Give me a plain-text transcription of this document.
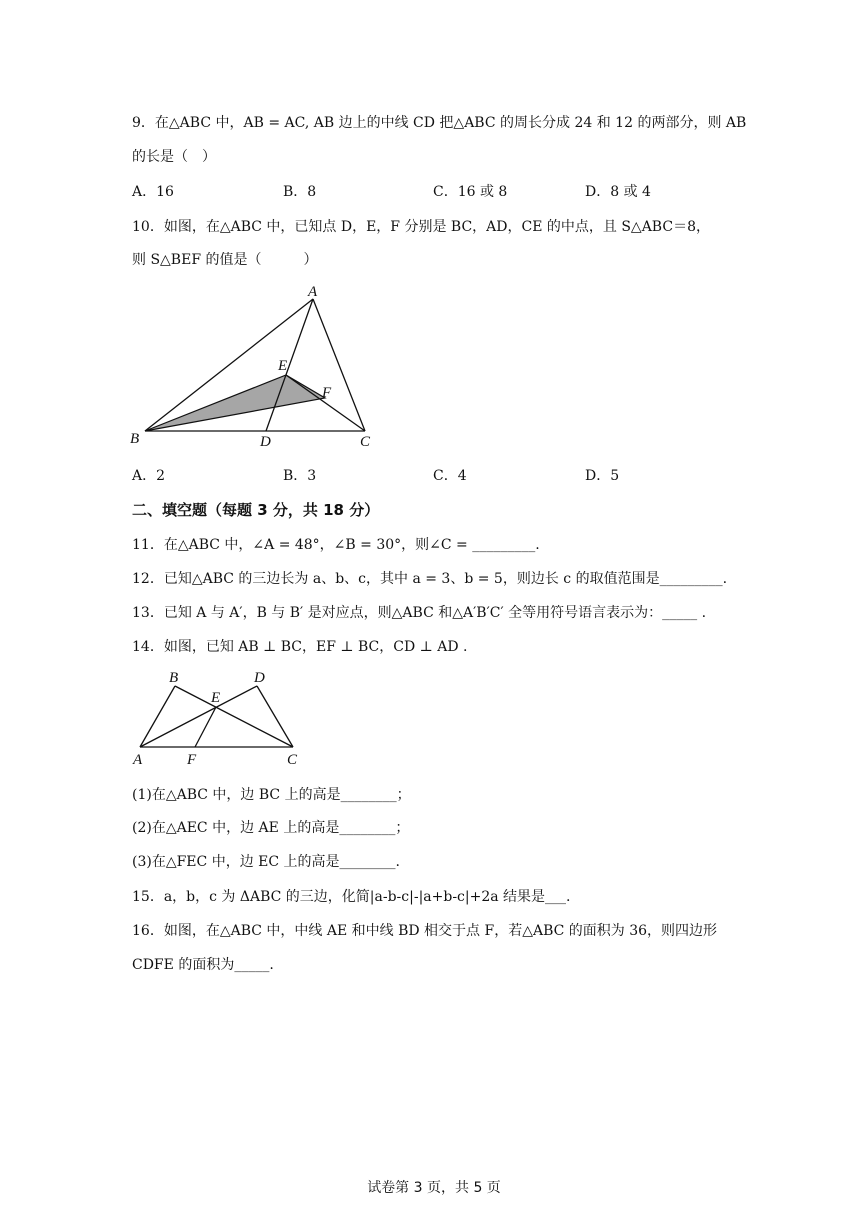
9．在△ABC 中，AB = AC, AB 边上的中线 CD 把△ABC 的周长分成 24 和 12 的两部分，则 AB
的长是（　）
A．16	B．8	C．16 或 8	D．8 或 4
10．如图，在△ABC 中，已知点 D，E，F 分别是 BC，AD，CE 的中点，且 S△ABC＝8，
则 S△BEF 的值是（　　　）
A
E
F
B	D	C
A．2	B．3	C．4	D．5
二、填空题（每题 3 分，共 18 分）
11．在△ABC 中，∠A = 48°，∠B = 30°，则∠C = _________.
12．已知△ABC 的三边长为 a、b、c，其中 a = 3、b = 5，则边长 c 的取值范围是_________.
13．已知 A 与 A′，B 与 B′ 是对应点，则△ABC 和△A′B′C′ 全等用符号语言表示为：_____ .
14．如图，已知 AB ⊥ BC，EF ⊥ BC，CD ⊥ AD .
B
E
D
A	F	C
(1)在△ABC 中，边 BC 上的高是________；
(2)在△AEC 中，边 AE 上的高是________；
(3)在△FEC 中，边 EC 上的高是________.
15．a，b，c 为 ΔABC 的三边，化简|a-b-c|-|a+b-c|+2a 结果是___.
16．如图，在△ABC 中，中线 AE 和中线 BD 相交于点 F，若△ABC 的面积为 36，则四边形
CDFE 的面积为_____.
试卷第 3 页，共 5 页
